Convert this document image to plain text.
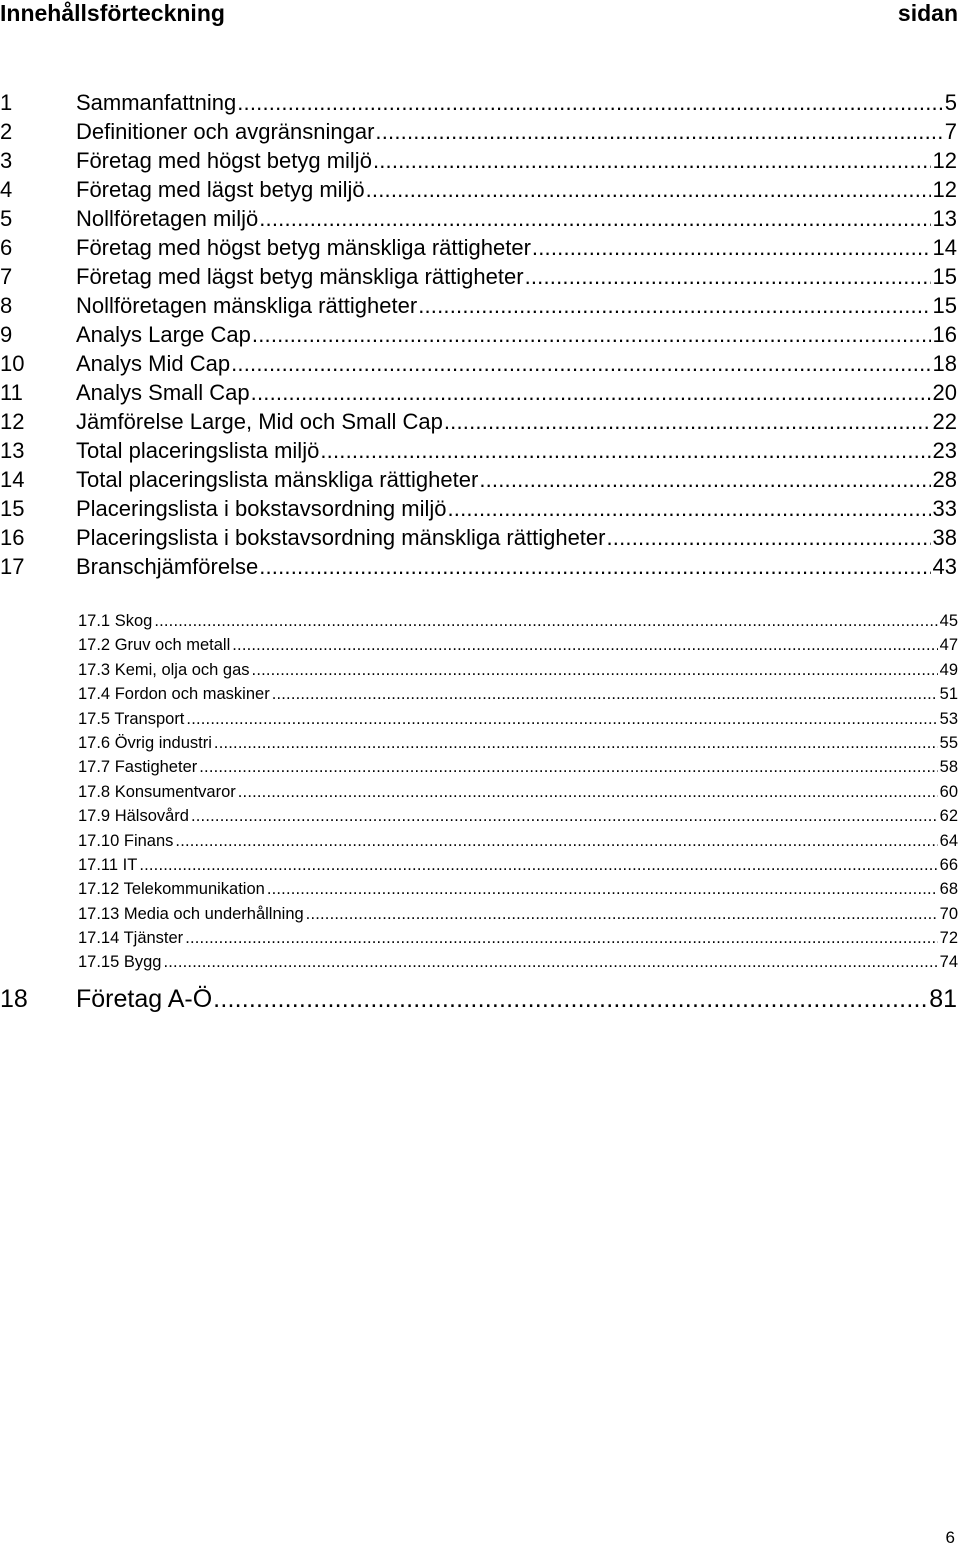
Innehållsförteckning	sidan
1	Sammanfattning .....	5
2	Definitioner och avgränsningar .....	7
3	Företag med högst betyg miljö .....	12
4	Företag med lägst betyg miljö .....	12
5	Nollföretagen miljö .....	13
6	Företag med högst betyg mänskliga rättigheter .....	14
7	Företag med lägst betyg mänskliga rättigheter .....	15
8	Nollföretagen mänskliga rättigheter .....	15
9	Analys Large Cap .....	16
10	Analys Mid Cap .....	18
11	Analys Small Cap .....	20
12	Jämförelse Large, Mid och Small Cap .....	22
13	Total placeringslista miljö .....	23
14	Total placeringslista mänskliga rättigheter .....	28
15	Placeringslista i bokstavsordning miljö .....	33
16	Placeringslista i bokstavsordning mänskliga rättigheter .....	38
17	Branschjämförelse .....	43
17.1 Skog .....	45
17.2 Gruv och metall .....	47
17.3 Kemi, olja och gas .....	49
17.4 Fordon och maskiner .....	51
17.5 Transport .....	53
17.6 Övrig industri .....	55
17.7 Fastigheter .....	58
17.8 Konsumentvaror .....	60
17.9 Hälsovård .....	62
17.10 Finans .....	64
17.11 IT .....	66
17.12 Telekommunikation .....	68
17.13 Media och underhållning .....	70
17.14 Tjänster .....	72
17.15 Bygg .....	74
18	Företag A-Ö .....	81
6
